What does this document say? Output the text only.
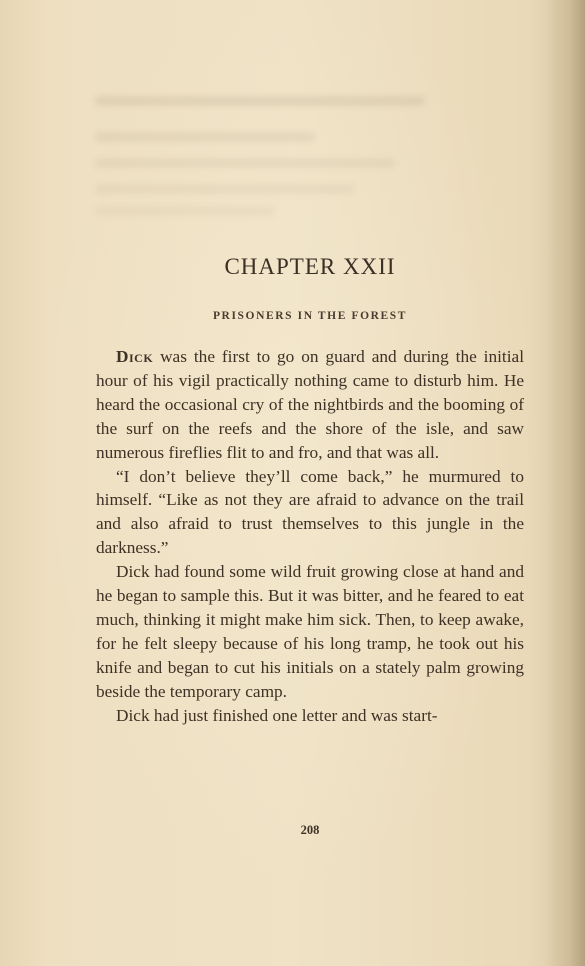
CHAPTER XXII
PRISONERS IN THE FOREST

Dick was the first to go on guard and during the initial hour of his vigil practically nothing came to disturb him. He heard the occasional cry of the nightbirds and the booming of the surf on the reefs and the shore of the isle, and saw numerous fireflies flit to and fro, and that was all.

“I don’t believe they’ll come back,” he murmured to himself. “Like as not they are afraid to advance on the trail and also afraid to trust themselves to this jungle in the darkness.”

Dick had found some wild fruit growing close at hand and he began to sample this. But it was bitter, and he feared to eat much, thinking it might make him sick. Then, to keep awake, for he felt sleepy because of his long tramp, he took out his knife and began to cut his initials on a stately palm growing beside the temporary camp.

Dick had just finished one letter and was start-

208
